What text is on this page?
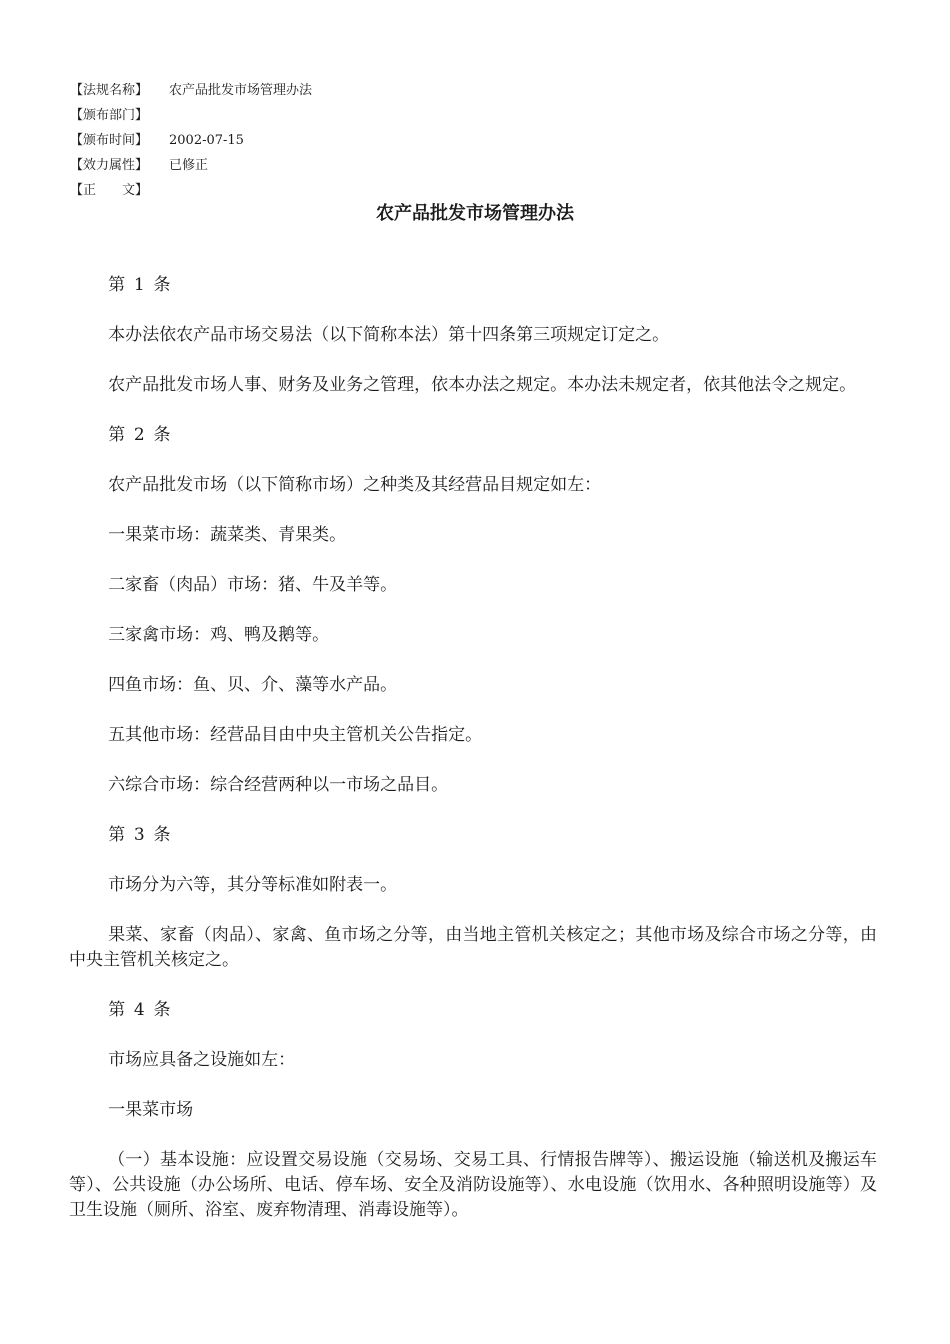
【法规名称】	农产品批发市场管理办法
【颁布部门】
【颁布时间】	2002-07-15
【效力属性】	已修正
【正　　文】
农产品批发市场管理办法

第 1 条

本办法依农产品市场交易法（以下简称本法）第十四条第三项规定订定之。

农产品批发市场人事、财务及业务之管理，依本办法之规定。本办法未规定者，依其他法令之规定。

第 2 条

农产品批发市场（以下简称市场）之种类及其经营品目规定如左：

一果菜市场：蔬菜类、青果类。

二家畜（肉品）市场：猪、牛及羊等。

三家禽市场：鸡、鸭及鹅等。

四鱼市场：鱼、贝、介、藻等水产品。

五其他市场：经营品目由中央主管机关公告指定。

六综合市场：综合经营两种以一市场之品目。

第 3 条

市场分为六等，其分等标准如附表一。

果菜、家畜（肉品）、家禽、鱼市场之分等，由当地主管机关核定之；其他市场及综合市场之分等，由中央主管机关核定之。

第 4 条

市场应具备之设施如左：

一果菜市场

（一）基本设施：应设置交易设施（交易场、交易工具、行情报告牌等）、搬运设施（输送机及搬运车等）、公共设施（办公场所、电话、停车场、安全及消防设施等）、水电设施（饮用水、各种照明设施等）及卫生设施（厕所、浴室、废弃物清理、消毒设施等）。
